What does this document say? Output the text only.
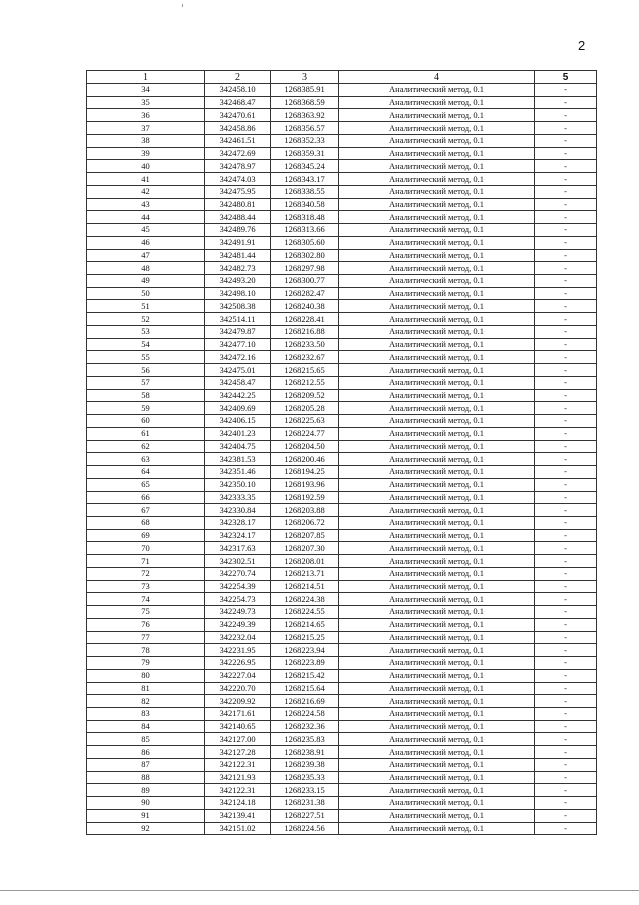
2
1	2	3	4	5
34	342458.10	1268385.91	Аналитический метод, 0.1	-
35	342468.47	1268368.59	Аналитический метод, 0.1	-
36	342470.61	1268363.92	Аналитический метод, 0.1	-
37	342458.86	1268356.57	Аналитический метод, 0.1	-
38	342461.51	1268352.33	Аналитический метод, 0.1	-
39	342472.69	1268359.31	Аналитический метод, 0.1	-
40	342478.97	1268345.24	Аналитический метод, 0.1	-
41	342474.03	1268343.17	Аналитический метод, 0.1	-
42	342475.95	1268338.55	Аналитический метод, 0.1	-
43	342480.81	1268340.58	Аналитический метод, 0.1	-
44	342488.44	1268318.48	Аналитический метод, 0.1	-
45	342489.76	1268313.66	Аналитический метод, 0.1	-
46	342491.91	1268305.60	Аналитический метод, 0.1	-
47	342481.44	1268302.80	Аналитический метод, 0.1	-
48	342482.73	1268297.98	Аналитический метод, 0.1	-
49	342493.20	1268300.77	Аналитический метод, 0.1	-
50	342498.10	1268282.47	Аналитический метод, 0.1	-
51	342508.38	1268240.38	Аналитический метод, 0.1	-
52	342514.11	1268228.41	Аналитический метод, 0.1	-
53	342479.87	1268216.88	Аналитический метод, 0.1	-
54	342477.10	1268233.50	Аналитический метод, 0.1	-
55	342472.16	1268232.67	Аналитический метод, 0.1	-
56	342475.01	1268215.65	Аналитический метод, 0.1	-
57	342458.47	1268212.55	Аналитический метод, 0.1	-
58	342442.25	1268209.52	Аналитический метод, 0.1	-
59	342409.69	1268205.28	Аналитический метод, 0.1	-
60	342406.15	1268225.63	Аналитический метод, 0.1	-
61	342401.23	1268224.77	Аналитический метод, 0.1	-
62	342404.75	1268204.50	Аналитический метод, 0.1	-
63	342381.53	1268200.46	Аналитический метод, 0.1	-
64	342351.46	1268194.25	Аналитический метод, 0.1	-
65	342350.10	1268193.96	Аналитический метод, 0.1	-
66	342333.35	1268192.59	Аналитический метод, 0.1	-
67	342330.84	1268203.88	Аналитический метод, 0.1	-
68	342328.17	1268206.72	Аналитический метод, 0.1	-
69	342324.17	1268207.85	Аналитический метод, 0.1	-
70	342317.63	1268207.30	Аналитический метод, 0.1	-
71	342302.51	1268208.01	Аналитический метод, 0.1	-
72	342270.74	1268213.71	Аналитический метод, 0.1	-
73	342254.39	1268214.51	Аналитический метод, 0.1	-
74	342254.73	1268224.38	Аналитический метод, 0.1	-
75	342249.73	1268224.55	Аналитический метод, 0.1	-
76	342249.39	1268214.65	Аналитический метод, 0.1	-
77	342232.04	1268215.25	Аналитический метод, 0.1	-
78	342231.95	1268223.94	Аналитический метод, 0.1	-
79	342226.95	1268223.89	Аналитический метод, 0.1	-
80	342227.04	1268215.42	Аналитический метод, 0.1	-
81	342220.70	1268215.64	Аналитический метод, 0.1	-
82	342209.92	1268216.69	Аналитический метод, 0.1	-
83	342171.61	1268224.58	Аналитический метод, 0.1	-
84	342140.65	1268232.36	Аналитический метод, 0.1	-
85	342127.00	1268235.83	Аналитический метод, 0.1	-
86	342127.28	1268238.91	Аналитический метод, 0.1	-
87	342122.31	1268239.38	Аналитический метод, 0.1	-
88	342121.93	1268235.33	Аналитический метод, 0.1	-
89	342122.31	1268233.15	Аналитический метод, 0.1	-
90	342124.18	1268231.38	Аналитический метод, 0.1	-
91	342139.41	1268227.51	Аналитический метод, 0.1	-
92	342151.02	1268224.56	Аналитический метод, 0.1	-
